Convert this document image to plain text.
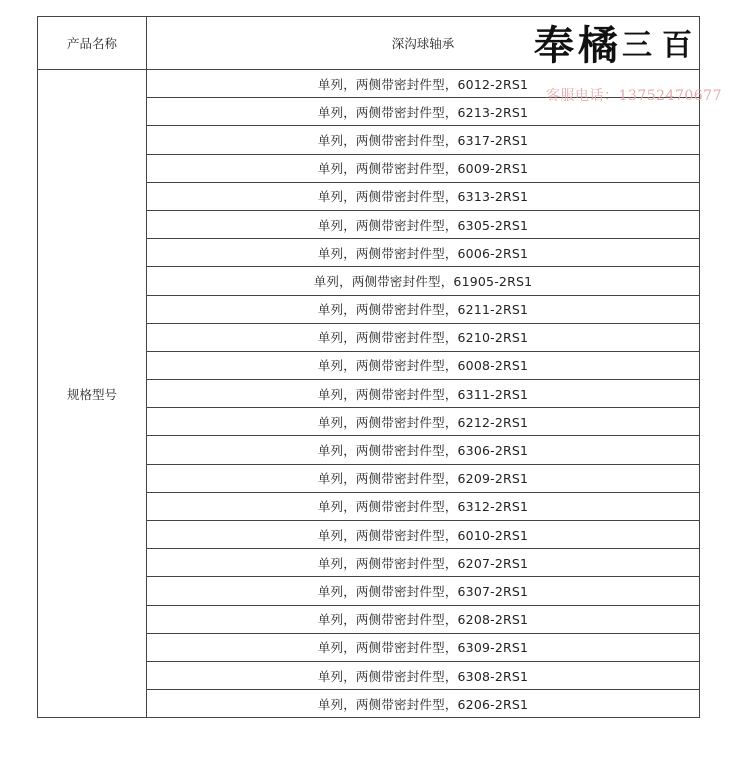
产品名称	深沟球轴承
规格型号	单列，两侧带密封件型，6012-2RS1
	单列，两侧带密封件型，6213-2RS1
	单列，两侧带密封件型，6317-2RS1
	单列，两侧带密封件型，6009-2RS1
	单列，两侧带密封件型，6313-2RS1
	单列，两侧带密封件型，6305-2RS1
	单列，两侧带密封件型，6006-2RS1
	单列，两侧带密封件型，61905-2RS1
	单列，两侧带密封件型，6211-2RS1
	单列，两侧带密封件型，6210-2RS1
	单列，两侧带密封件型，6008-2RS1
	单列，两侧带密封件型，6311-2RS1
	单列，两侧带密封件型，6212-2RS1
	单列，两侧带密封件型，6306-2RS1
	单列，两侧带密封件型，6209-2RS1
	单列，两侧带密封件型，6312-2RS1
	单列，两侧带密封件型，6010-2RS1
	单列，两侧带密封件型，6207-2RS1
	单列，两侧带密封件型，6307-2RS1
	单列，两侧带密封件型，6208-2RS1
	单列，两侧带密封件型，6309-2RS1
	单列，两侧带密封件型，6308-2RS1
	单列，两侧带密封件型，6206-2RS1
奉橘三百
客服电话：13752470677
